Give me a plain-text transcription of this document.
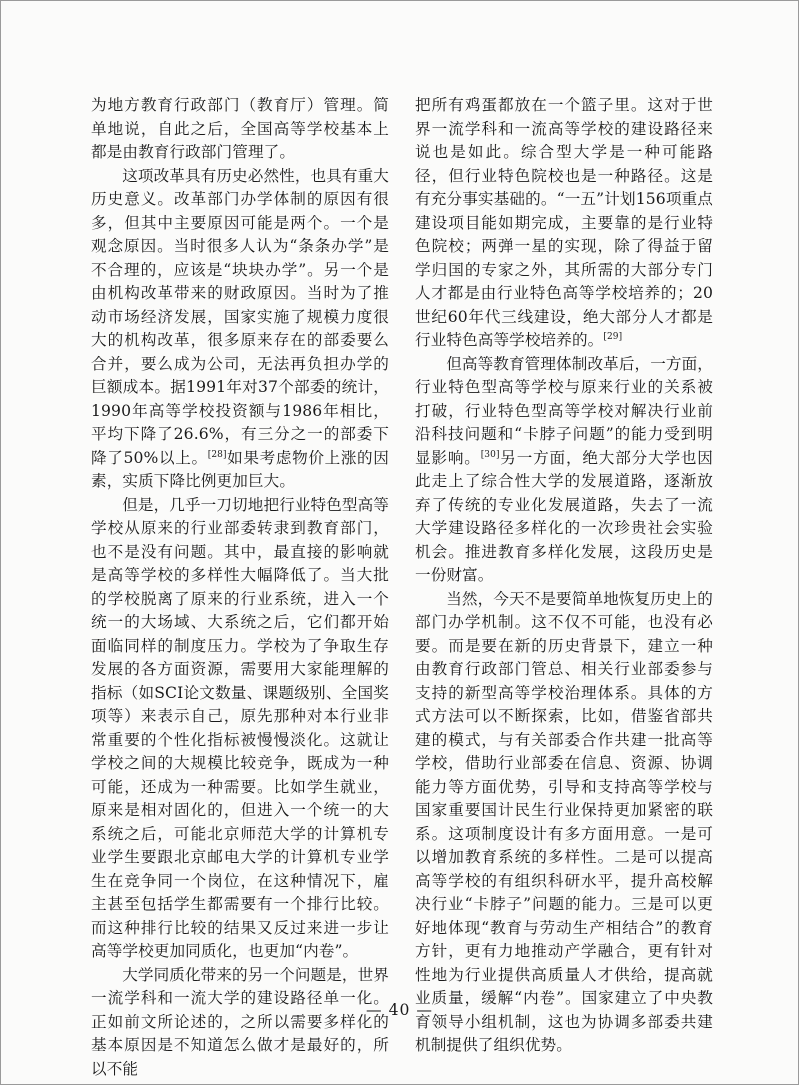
为地方教育行政部门（教育厅）管理。简单地说，自此之后，全国高等学校基本上都是由教育行政部门管理了。

这项改革具有历史必然性，也具有重大历史意义。改革部门办学体制的原因有很多，但其中主要原因可能是两个。一个是观念原因。当时很多人认为“条条办学”是不合理的，应该是“块块办学”。另一个是由机构改革带来的财政原因。当时为了推动市场经济发展，国家实施了规模力度很大的机构改革，很多原来存在的部委要么合并，要么成为公司，无法再负担办学的巨额成本。据1991年对37个部委的统计，1990年高等学校投资额与1986年相比，平均下降了26.6%，有三分之一的部委下降了50%以上。[28]如果考虑物价上涨的因素，实质下降比例更加巨大。

但是，几乎一刀切地把行业特色型高等学校从原来的行业部委转隶到教育部门，也不是没有问题。其中，最直接的影响就是高等学校的多样性大幅降低了。当大批的学校脱离了原来的行业系统，进入一个统一的大场域、大系统之后，它们都开始面临同样的制度压力。学校为了争取生存发展的各方面资源，需要用大家能理解的指标（如SCI论文数量、课题级别、全国奖项等）来表示自己，原先那种对本行业非常重要的个性化指标被慢慢淡化。这就让学校之间的大规模比较竞争，既成为一种可能，还成为一种需要。比如学生就业，原来是相对固化的，但进入一个统一的大系统之后，可能北京师范大学的计算机专业学生要跟北京邮电大学的计算机专业学生在竞争同一个岗位，在这种情况下，雇主甚至包括学生都需要有一个排行比较。而这种排行比较的结果又反过来进一步让高等学校更加同质化，也更加“内卷”。

大学同质化带来的另一个问题是，世界一流学科和一流大学的建设路径单一化。正如前文所论述的，之所以需要多样化的基本原因是不知道怎么做才是最好的，所以不能

把所有鸡蛋都放在一个篮子里。这对于世界一流学科和一流高等学校的建设路径来说也是如此。综合型大学是一种可能路径，但行业特色院校也是一种路径。这是有充分事实基础的。“一五”计划156项重点建设项目能如期完成，主要靠的是行业特色院校；两弹一星的实现，除了得益于留学归国的专家之外，其所需的大部分专门人才都是由行业特色高等学校培养的；20世纪60年代三线建设，绝大部分人才都是行业特色高等学校培养的。[29]

但高等教育管理体制改革后，一方面，行业特色型高等学校与原来行业的关系被打破，行业特色型高等学校对解决行业前沿科技问题和“卡脖子问题”的能力受到明显影响。[30]另一方面，绝大部分大学也因此走上了综合性大学的发展道路，逐渐放弃了传统的专业化发展道路，失去了一流大学建设路径多样化的一次珍贵社会实验机会。推进教育多样化发展，这段历史是一份财富。

当然，今天不是要简单地恢复历史上的部门办学机制。这不仅不可能，也没有必要。而是要在新的历史背景下，建立一种由教育行政部门管总、相关行业部委参与支持的新型高等学校治理体系。具体的方式方法可以不断探索，比如，借鉴省部共建的模式，与有关部委合作共建一批高等学校，借助行业部委在信息、资源、协调能力等方面优势，引导和支持高等学校与国家重要国计民生行业保持更加紧密的联系。这项制度设计有多方面用意。一是可以增加教育系统的多样性。二是可以提高高等学校的有组织科研水平，提升高校解决行业“卡脖子”问题的能力。三是可以更好地体现“教育与劳动生产相结合”的教育方针，更有力地推动产学融合，更有针对性地为行业提供高质量人才供给，提高就业质量，缓解“内卷”。国家建立了中央教育领导小组机制，这也为协调多部委共建机制提供了组织优势。

— 40 —
